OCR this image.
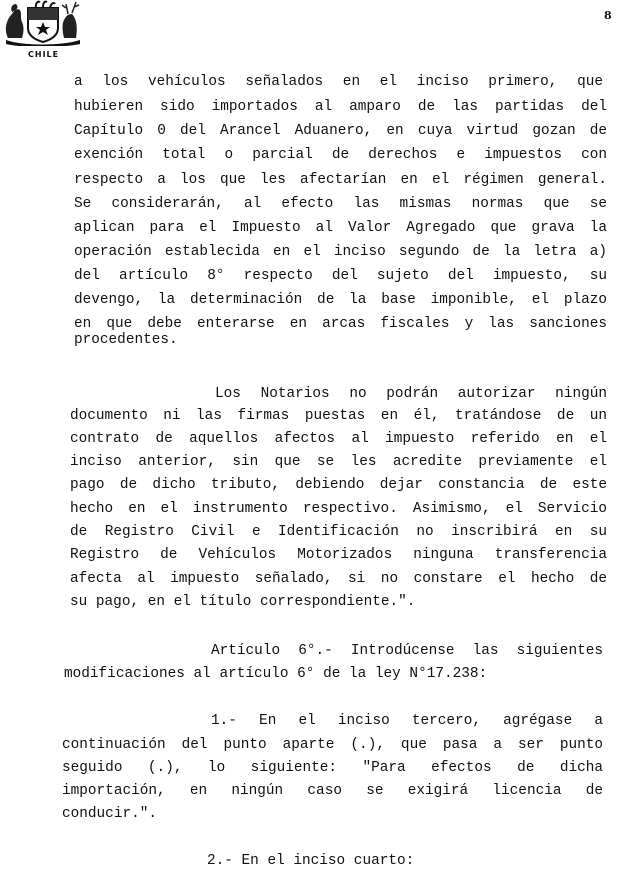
CHILE
8
a los vehículos señalados en el inciso primero, que
hubieren sido importados al amparo de las partidas del
Capítulo 0 del Arancel Aduanero, en cuya virtud gozan de
exención total o parcial de derechos e impuestos con
respecto a los que les afectarían en el régimen general.
Se considerarán, al efecto las mismas normas que se
aplican para el Impuesto al Valor Agregado que grava la
operación establecida en el inciso segundo de la letra a)
del artículo 8° respecto del sujeto del impuesto, su
devengo, la determinación de la base imponible, el plazo
en que debe enterarse en arcas fiscales y las sanciones
procedentes.
Los Notarios no podrán autorizar ningún
documento ni las firmas puestas en él, tratándose de un
contrato de aquellos afectos al impuesto referido en el
inciso anterior, sin que se les acredite previamente el
pago de dicho tributo, debiendo dejar constancia de este
hecho en el instrumento respectivo. Asimismo, el Servicio
de Registro Civil e Identificación no inscribirá en su
Registro de Vehículos Motorizados ninguna transferencia
afecta al impuesto señalado, si no constare el hecho de
su pago, en el título correspondiente.".
Artículo 6°.- Introdúcense las siguientes
modificaciones al artículo 6° de la ley N°17.238:
1.- En el inciso tercero, agrégase a
continuación del punto aparte (.), que pasa a ser punto
seguido (.), lo siguiente: "Para efectos de dicha
importación, en ningún caso se exigirá licencia de
conducir.".
2.- En el inciso cuarto:
